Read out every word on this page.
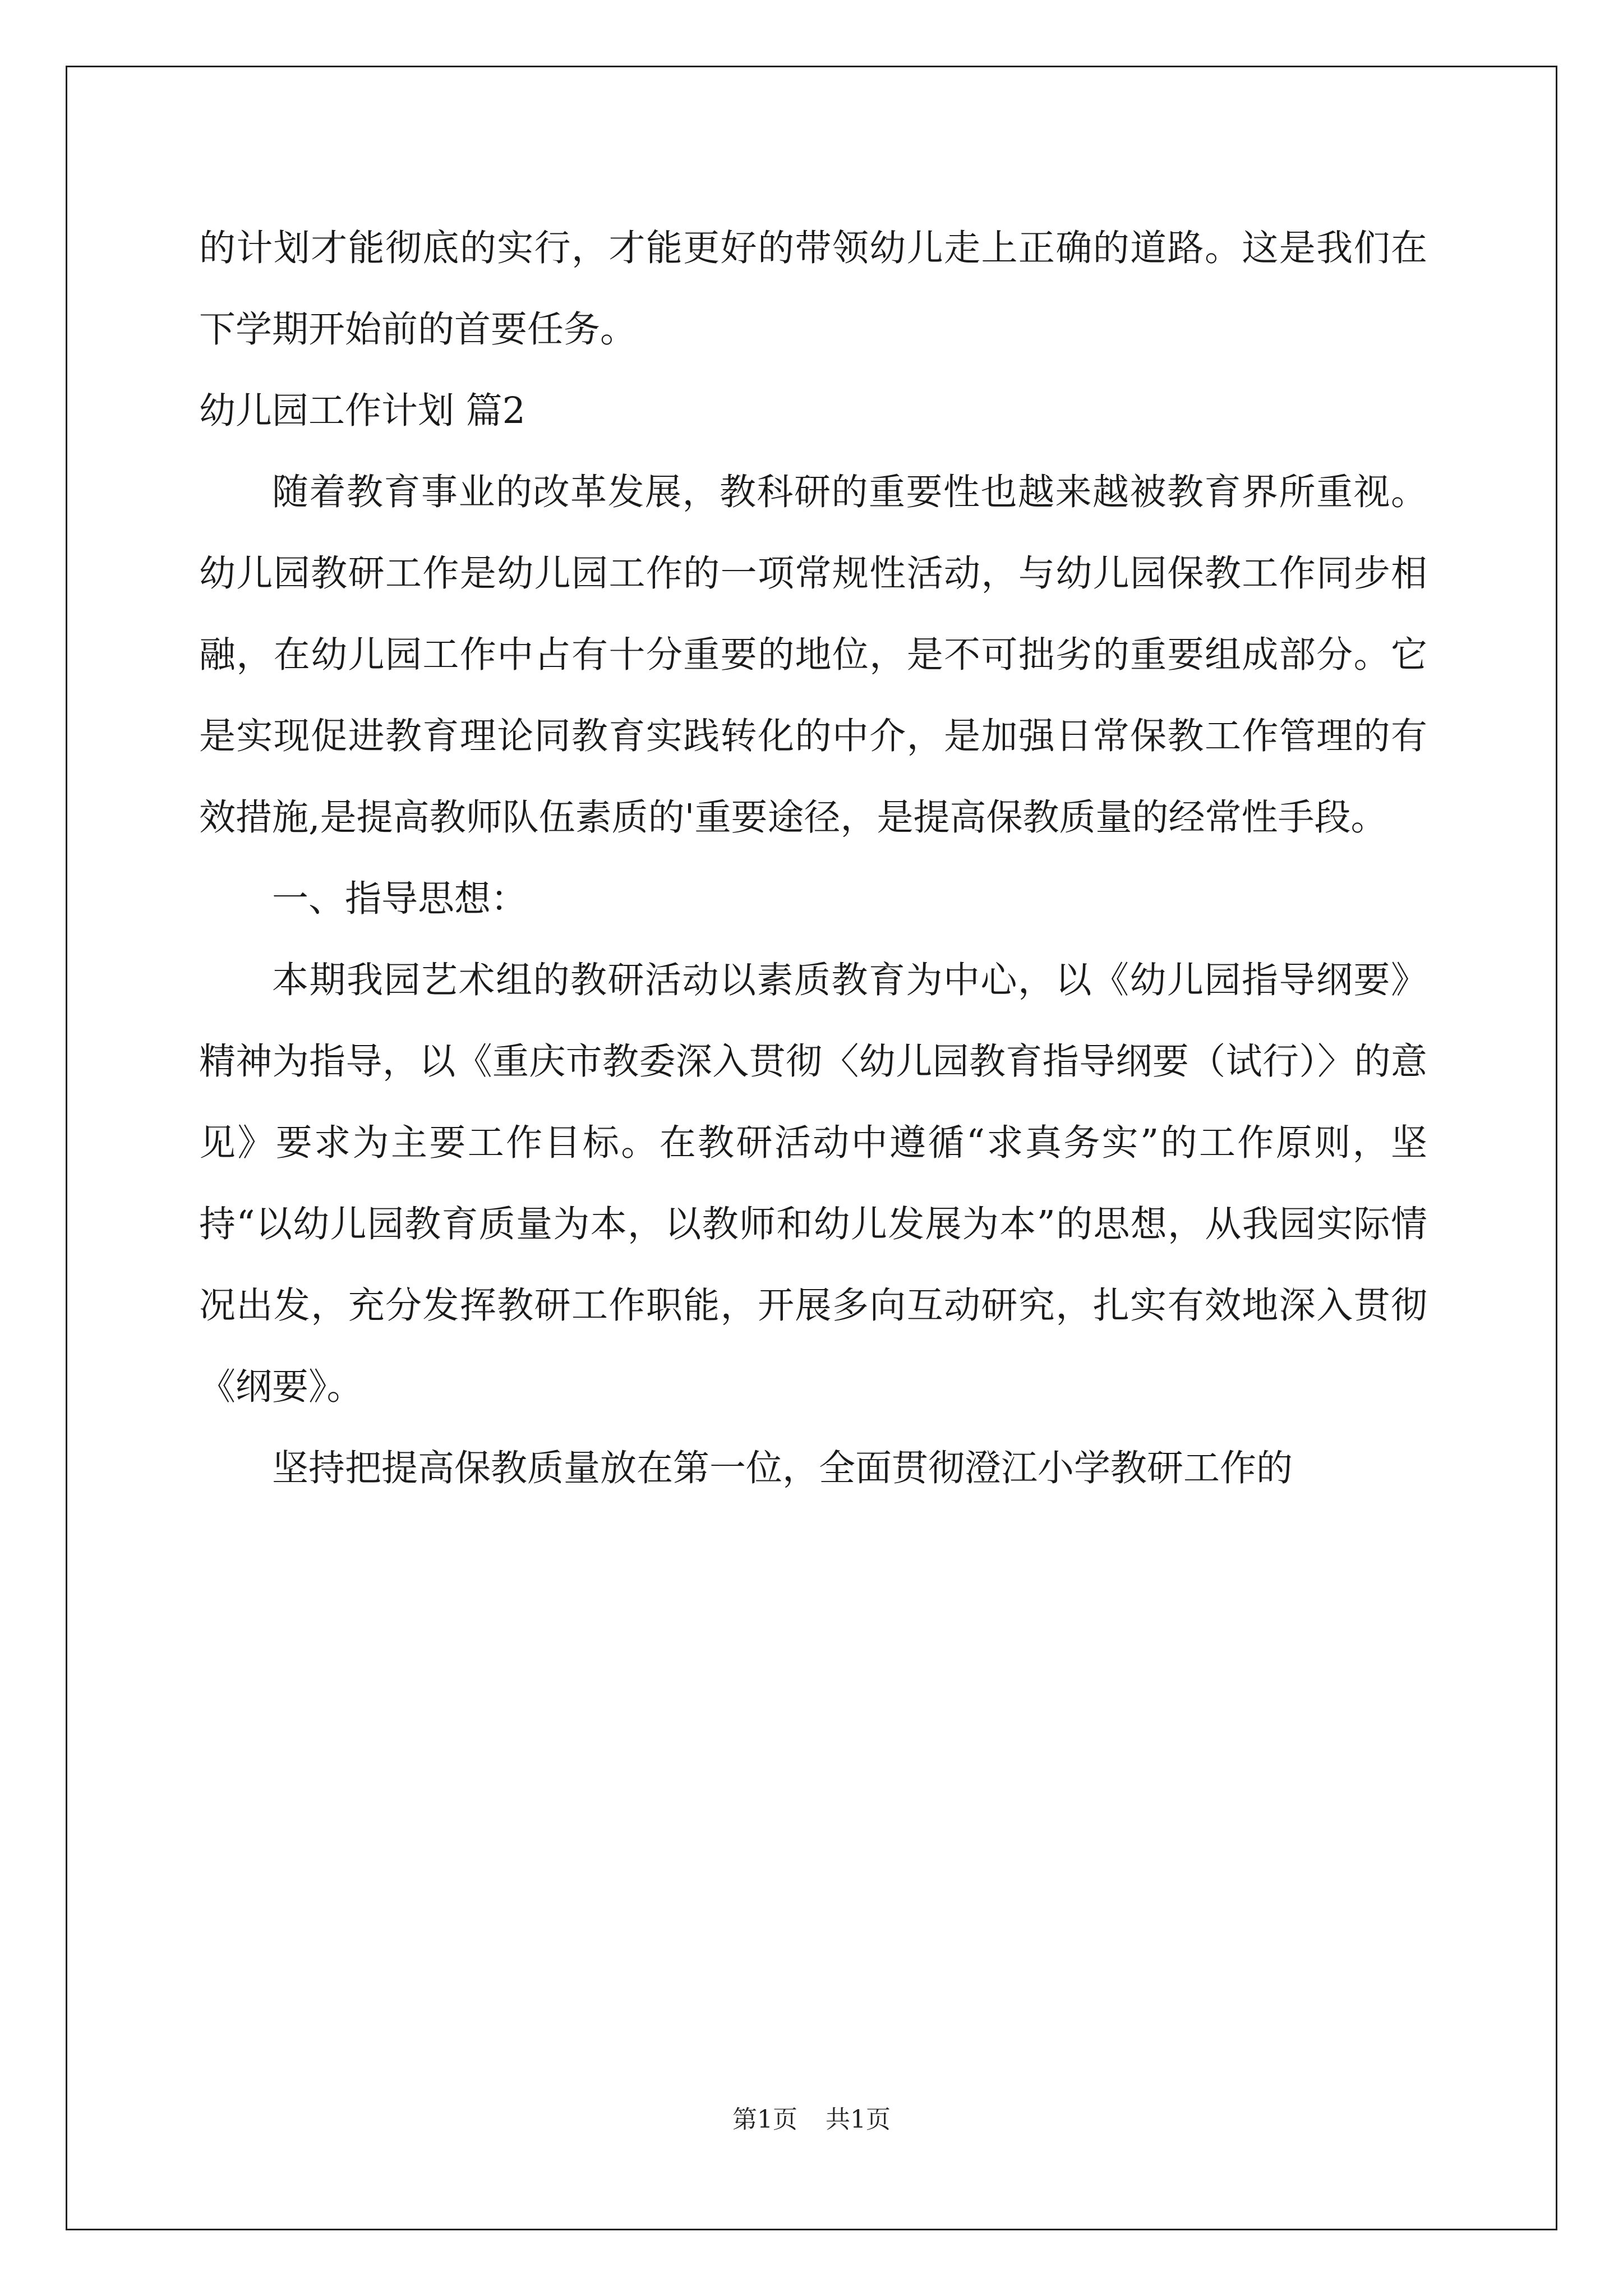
的计划才能彻底的实行，才能更好的带领幼儿走上正确的道路。这是我们在下学期开始前的首要任务。

幼儿园工作计划 篇2

随着教育事业的改革发展，教科研的重要性也越来越被教育界所重视。幼儿园教研工作是幼儿园工作的一项常规性活动，与幼儿园保教工作同步相融，在幼儿园工作中占有十分重要的地位，是不可拙劣的重要组成部分。它是实现促进教育理论同教育实践转化的中介，是加强日常保教工作管理的有效措施,是提高教师队伍素质的'重要途径，是提高保教质量的经常性手段。

一、指导思想：

本期我园艺术组的教研活动以素质教育为中心，以《幼儿园指导纲要》精神为指导，以《重庆市教委深入贯彻〈幼儿园教育指导纲要（试行）〉的意见》要求为主要工作目标。在教研活动中遵循“求真务实”的工作原则，坚持“以幼儿园教育质量为本，以教师和幼儿发展为本”的思想，从我园实际情况出发，充分发挥教研工作职能，开展多向互动研究，扎实有效地深入贯彻《纲要》。

坚持把提高保教质量放在第一位，全面贯彻澄江小学教研工作的

第1页 共1页
